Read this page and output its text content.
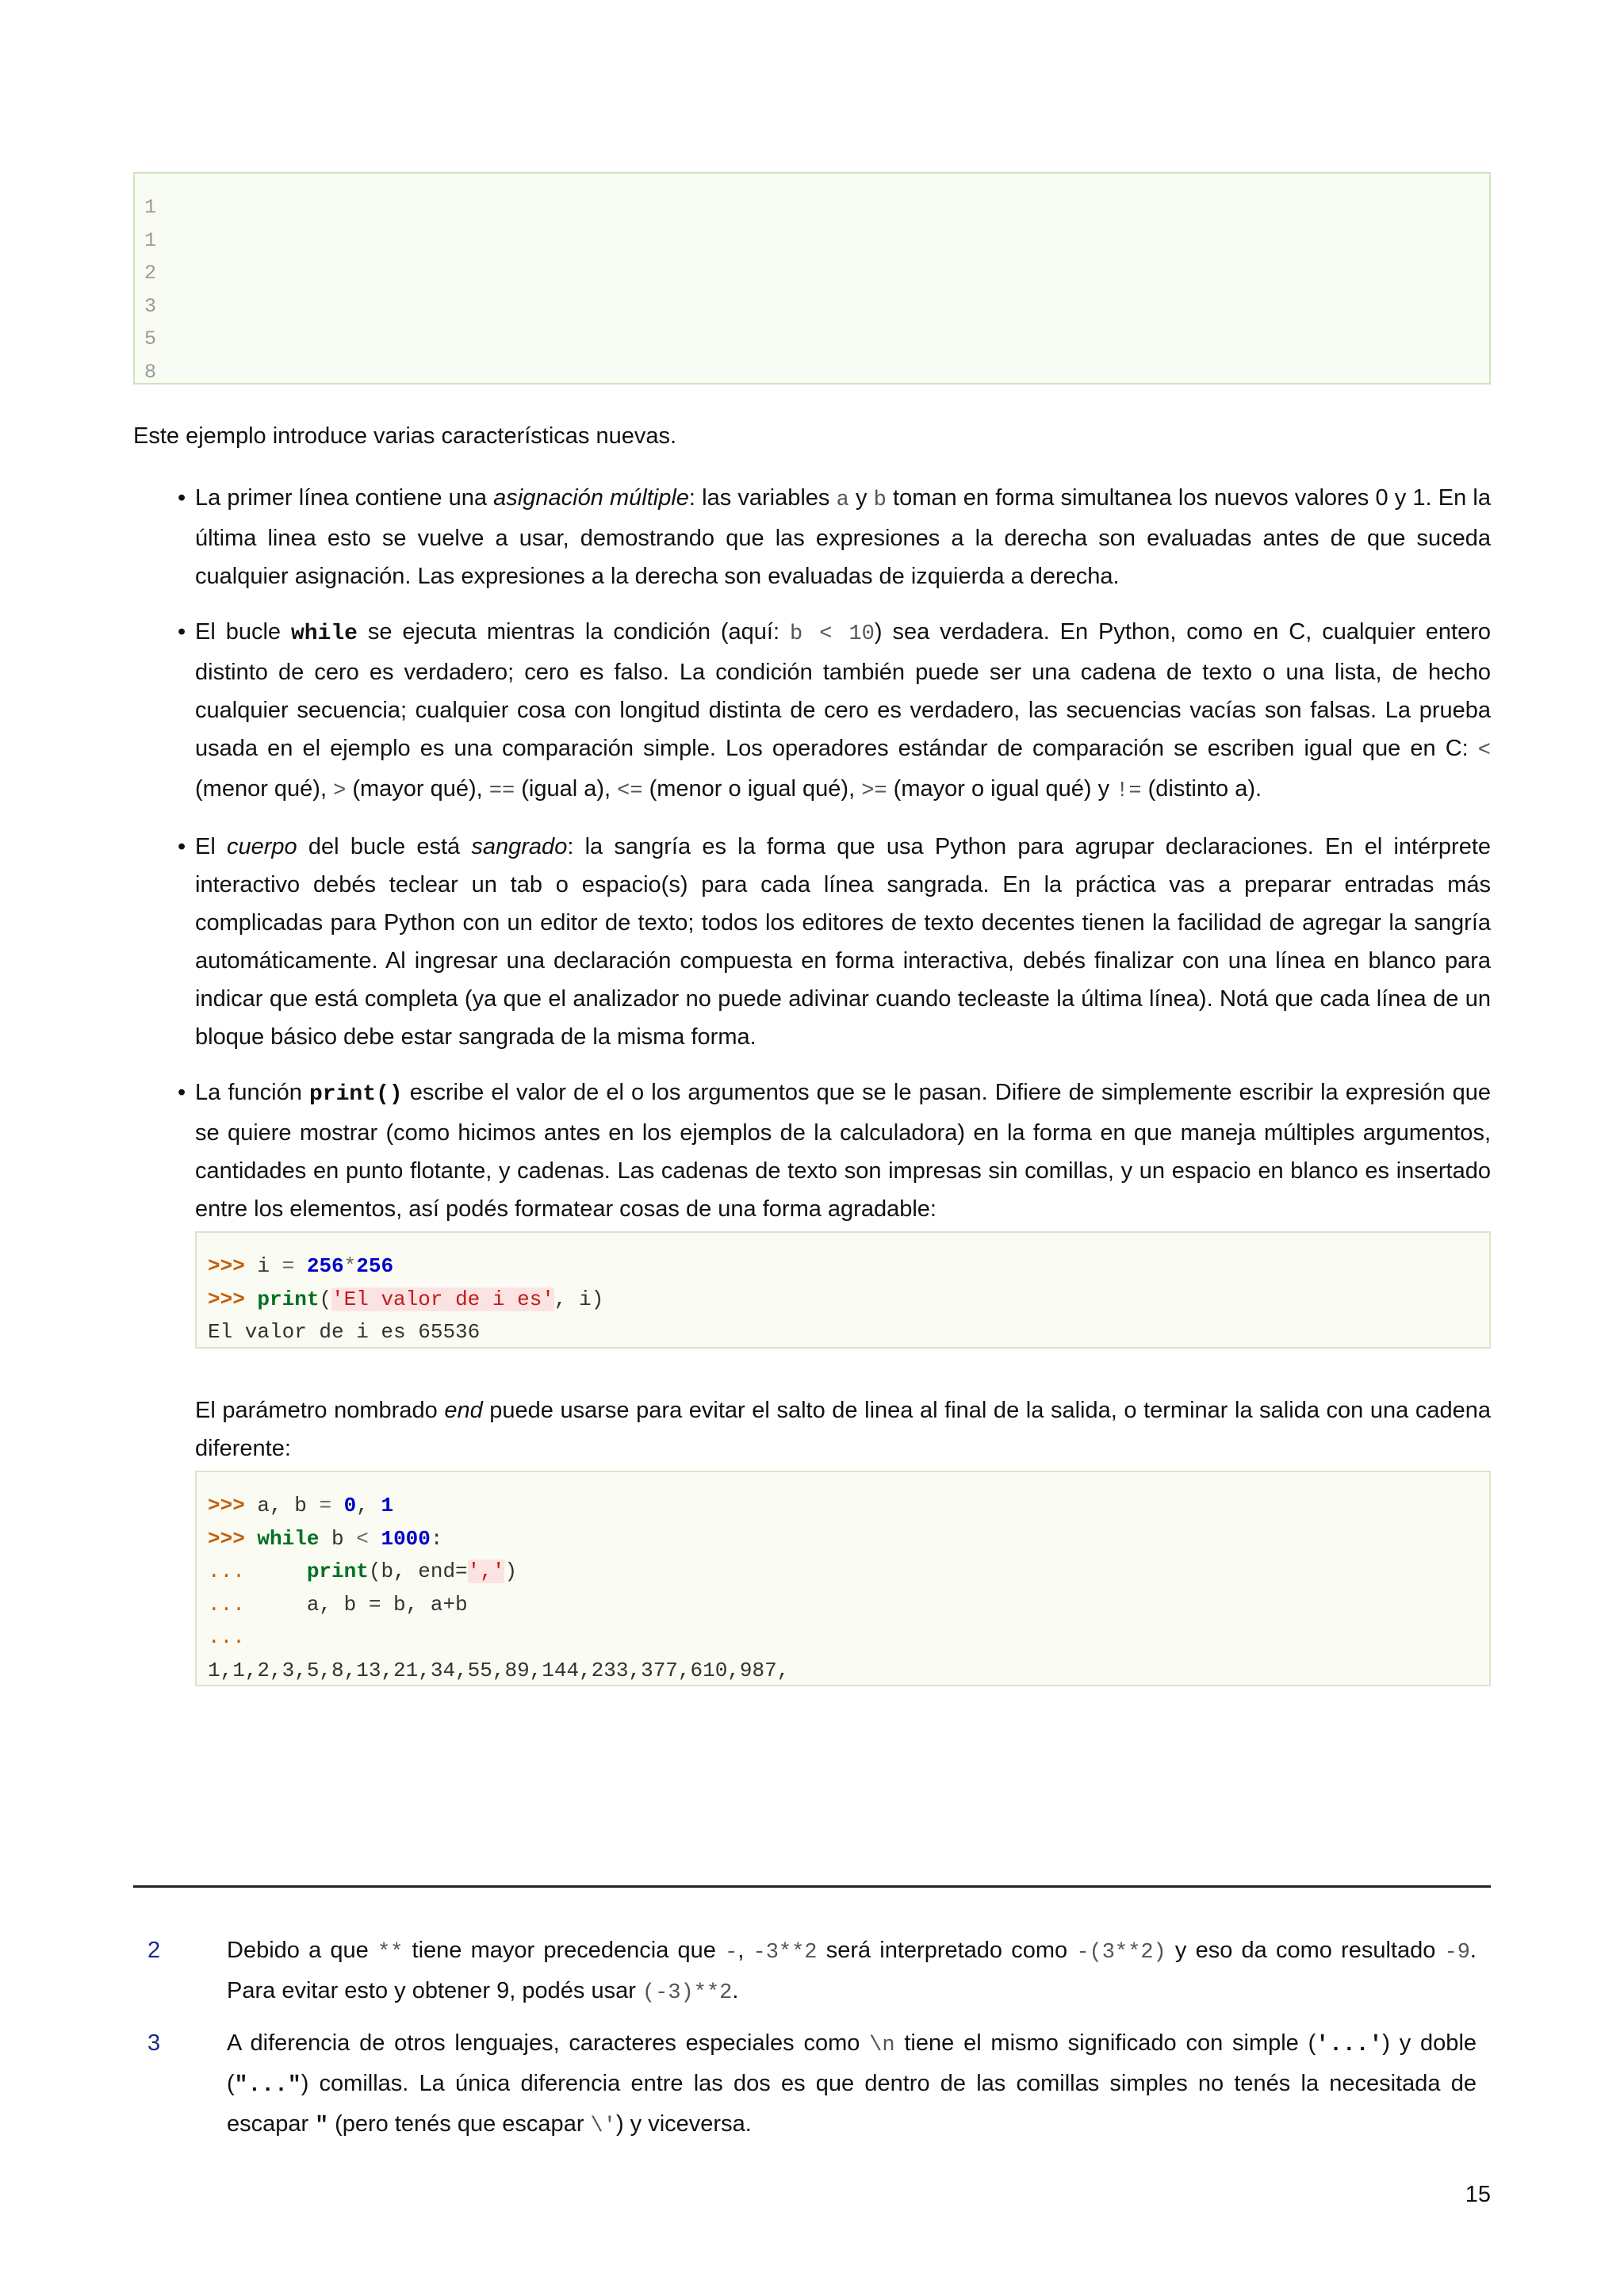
1
1
2
3
5
8
Este ejemplo introduce varias características nuevas.
• La primer línea contiene una asignación múltiple: las variables a y b toman en forma simultanea los nuevos valores 0 y 1. En la última linea esto se vuelve a usar, demostrando que las expresiones a la derecha son evaluadas antes de que suceda cualquier asignación. Las expresiones a la derecha son evaluadas de izquierda a derecha.

• El bucle while se ejecuta mientras la condición (aquí: b < 10) sea verdadera. En Python, como en C, cualquier entero distinto de cero es verdadero; cero es falso. La condición también puede ser una cadena de texto o una lista, de hecho cualquier secuencia; cualquier cosa con longitud distinta de cero es verdadero, las secuencias vacías son falsas. La prueba usada en el ejemplo es una comparación simple. Los operadores estándar de comparación se escriben igual que en C: < (menor qué), > (mayor qué), == (igual a), <= (menor o igual qué), >= (mayor o igual qué) y != (distinto a).

• El cuerpo del bucle está sangrado: la sangría es la forma que usa Python para agrupar declaraciones. En el intérprete interactivo debés teclear un tab o espacio(s) para cada línea sangrada. En la práctica vas a preparar entradas más complicadas para Python con un editor de texto; todos los editores de texto decentes tienen la facilidad de agregar la sangría automáticamente. Al ingresar una declaración compuesta en forma interactiva, debés finalizar con una línea en blanco para indicar que está completa (ya que el analizador no puede adivinar cuando tecleaste la última línea). Notá que cada línea de un bloque básico debe estar sangrada de la misma forma.

• La función print() escribe el valor de el o los argumentos que se le pasan. Difiere de simplemente escribir la expresión que se quiere mostrar (como hicimos antes en los ejemplos de la calculadora) en la forma en que maneja múltiples argumentos, cantidades en punto flotante, y cadenas. Las cadenas de texto son impresas sin comillas, y un espacio en blanco es insertado entre los elementos, así podés formatear cosas de una forma agradable:

>>> i = 256*256
>>> print('El valor de i es', i)
El valor de i es 65536
El parámetro nombrado end puede usarse para evitar el salto de linea al final de la salida, o terminar la salida con una cadena diferente:
>>> a, b = 0, 1
>>> while b < 1000:
...	print(b, end=',')
...	a, b = b, a+b
...
1,1,2,3,5,8,13,21,34,55,89,144,233,377,610,987,
2	Debido a que ** tiene mayor precedencia que -, -3**2 será interpretado como -(3**2) y eso da como resultado -9. Para evitar esto y obtener 9, podés usar (-3)**2.
3	A diferencia de otros lenguajes, caracteres especiales como \n tiene el mismo significado con simple ('...') y doble ("...") comillas. La única diferencia entre las dos es que dentro de las comillas simples no tenés la necesitada de escapar " (pero tenés que escapar \') y viceversa.
15
